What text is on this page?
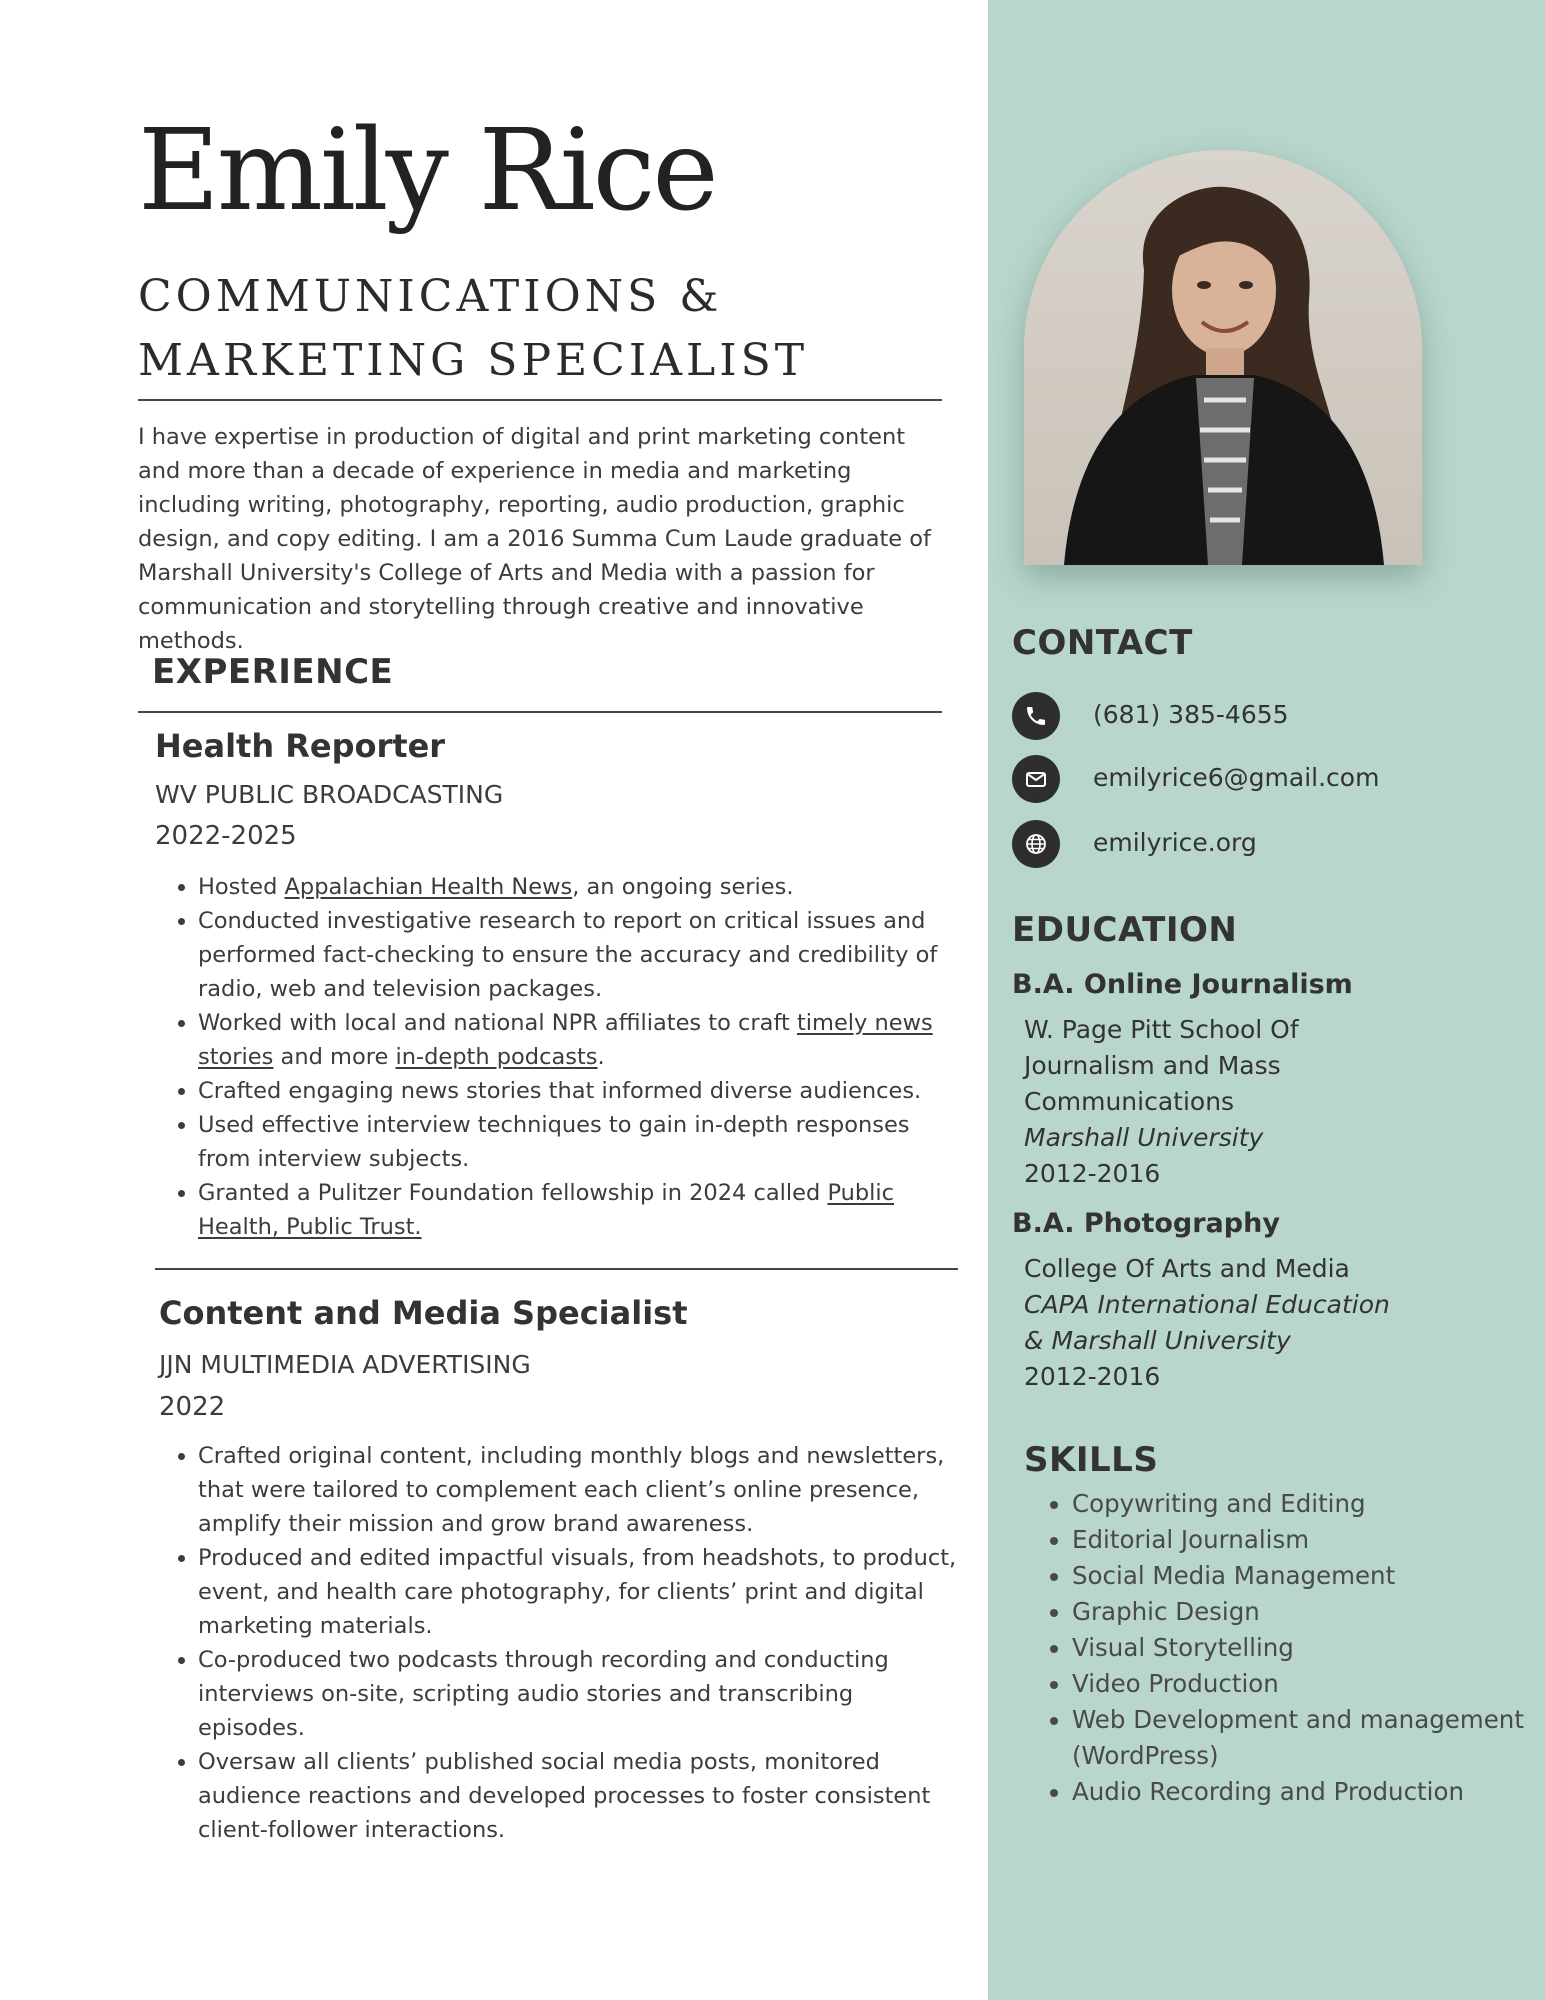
Emily Rice
COMMUNICATIONS &
MARKETING SPECIALIST

I have expertise in production of digital and print marketing content and more than a decade of experience in media and marketing including writing, photography, reporting, audio production, graphic design, and copy editing. I am a 2016 Summa Cum Laude graduate of Marshall University's College of Arts and Media with a passion for communication and storytelling through creative and innovative methods.

EXPERIENCE
Health Reporter
WV PUBLIC BROADCASTING
2022-2025
• Hosted Appalachian Health News, an ongoing series.
• Conducted investigative research to report on critical issues and performed fact-checking to ensure the accuracy and credibility of radio, web and television packages.
• Worked with local and national NPR affiliates to craft timely news stories and more in-depth podcasts.
• Crafted engaging news stories that informed diverse audiences.
• Used effective interview techniques to gain in-depth responses from interview subjects.
• Granted a Pulitzer Foundation fellowship in 2024 called Public Health, Public Trust.
Content and Media Specialist
JJN MULTIMEDIA ADVERTISING
2022
• Crafted original content, including monthly blogs and newsletters, that were tailored to complement each client’s online presence, amplify their mission and grow brand awareness.
• Produced and edited impactful visuals, from headshots, to product, event, and health care photography, for clients’ print and digital marketing materials.
• Co-produced two podcasts through recording and conducting interviews on-site, scripting audio stories and transcribing episodes.
• Oversaw all clients’ published social media posts, monitored audience reactions and developed processes to foster consistent client-follower interactions.
CONTACT
(681) 385-4655
emilyrice6@gmail.com
emilyrice.org
EDUCATION
B.A. Online Journalism
W. Page Pitt School Of
Journalism and Mass
Communications
Marshall University
2012-2016
B.A. Photography
College Of Arts and Media
CAPA International Education
& Marshall University
2012-2016
SKILLS
• Copywriting and Editing
• Editorial Journalism
• Social Media Management
• Graphic Design
• Visual Storytelling
• Video Production
• Web Development and management (WordPress)
• Audio Recording and Production
